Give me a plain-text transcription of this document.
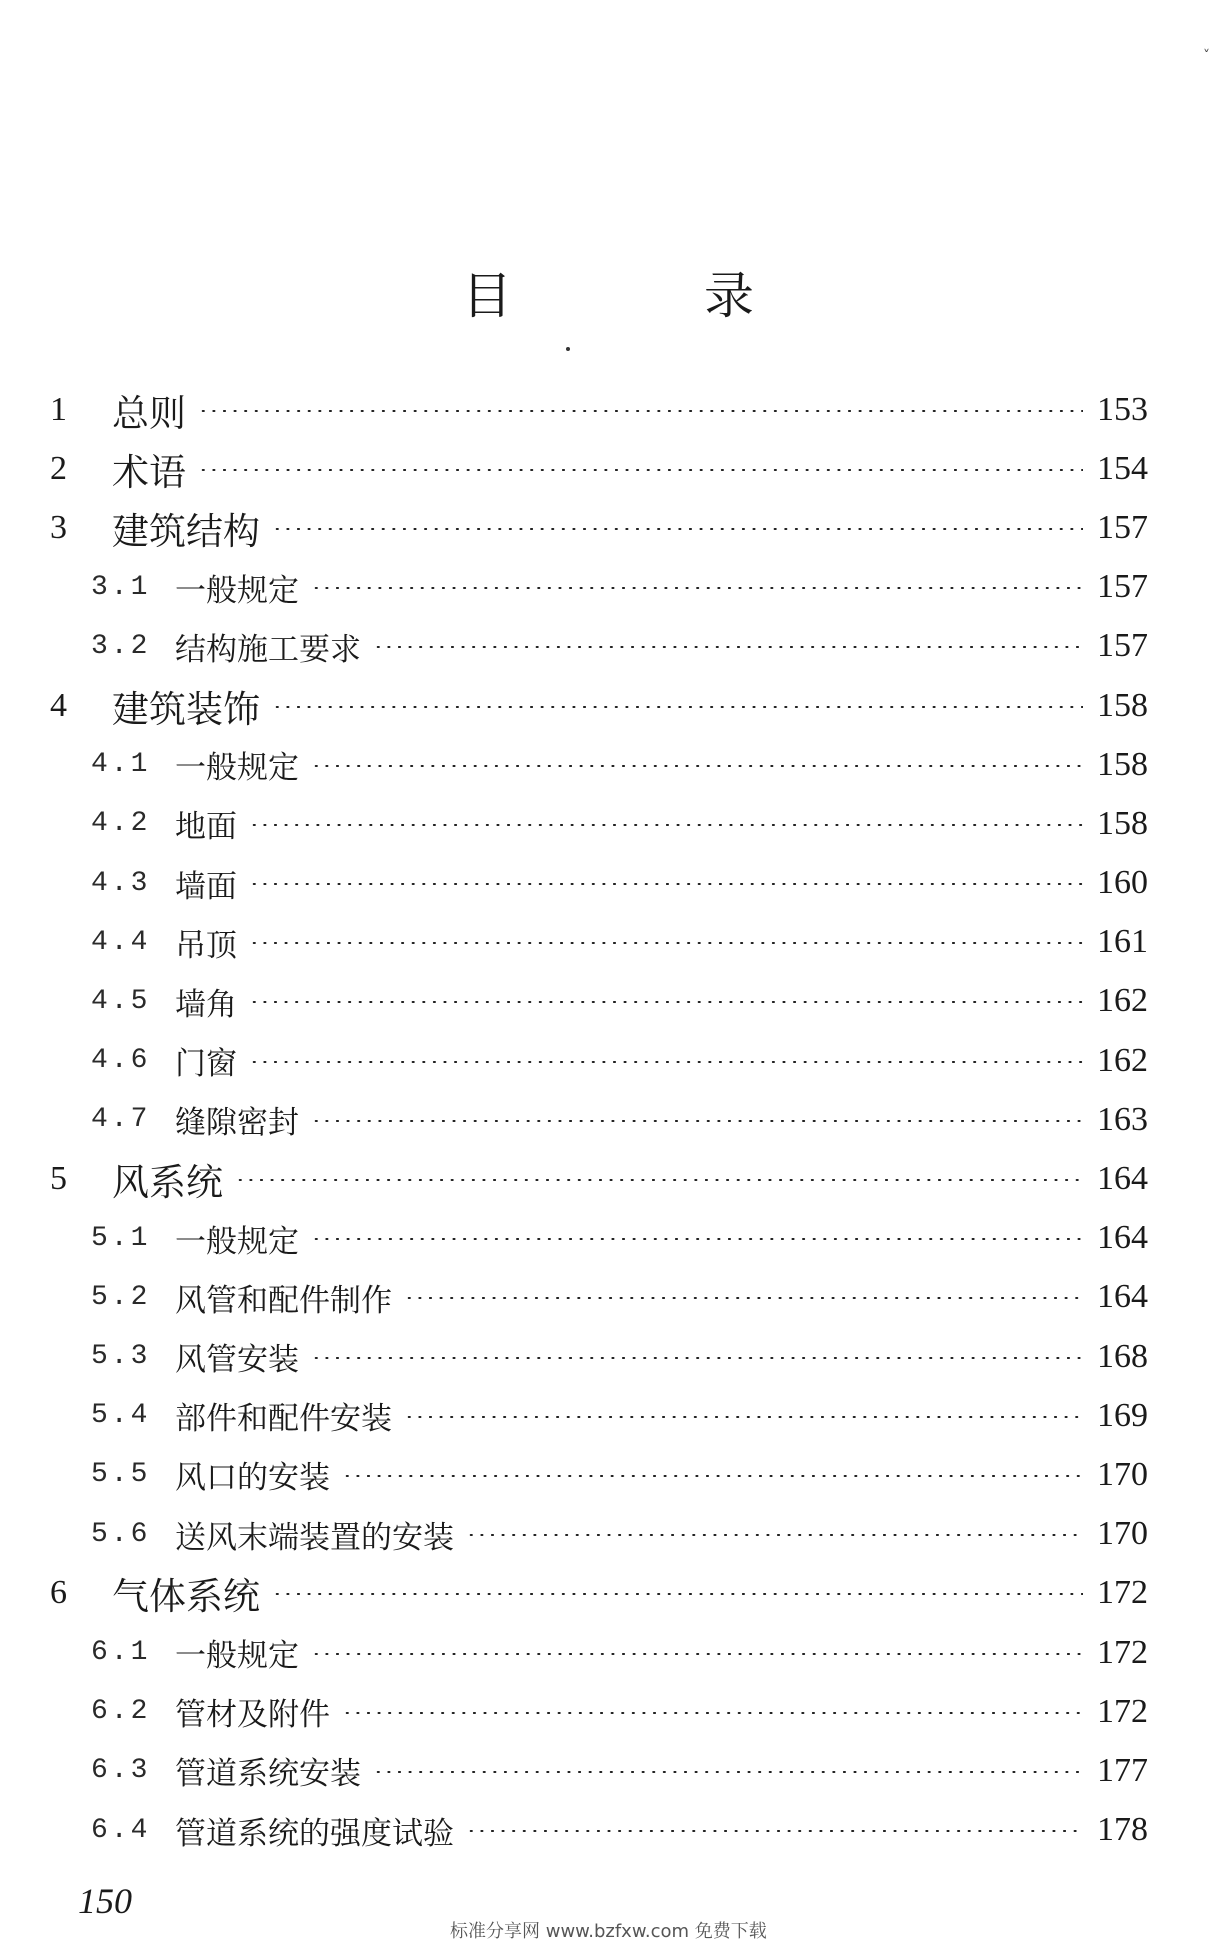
˅
目 录
1 总则	153
2 术语	154
3 建筑结构	157
3.1 一般规定	157
3.2 结构施工要求	157
4 建筑装饰	158
4.1 一般规定	158
4.2 地面	158
4.3 墙面	160
4.4 吊顶	161
4.5 墙角	162
4.6 门窗	162
4.7 缝隙密封	163
5 风系统	164
5.1 一般规定	164
5.2 风管和配件制作	164
5.3 风管安装	168
5.4 部件和配件安装	169
5.5 风口的安装	170
5.6 送风末端装置的安装	170
6 气体系统	172
6.1 一般规定	172
6.2 管材及附件	172
6.3 管道系统安装	177
6.4 管道系统的强度试验	178
150
标准分享网 www.bzfxw.com 免费下载
